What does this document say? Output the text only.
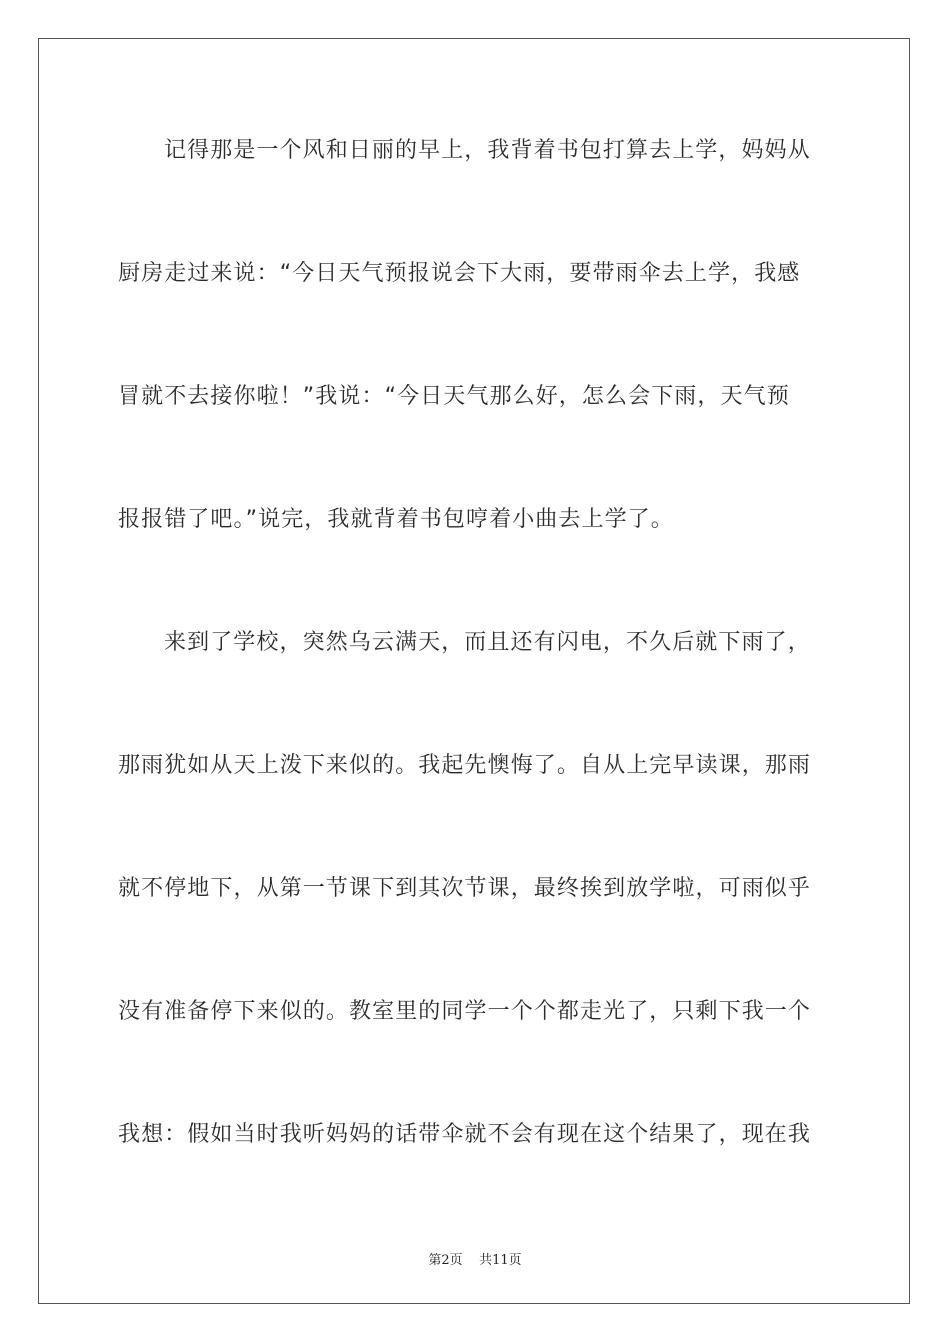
记得那是一个风和日丽的早上，我背着书包打算去上学，妈妈从
厨房走过来说：“今日天气预报说会下大雨，要带雨伞去上学，我感
冒就不去接你啦！”我说：“今日天气那么好，怎么会下雨，天气预
报报错了吧。”说完，我就背着书包哼着小曲去上学了。
来到了学校，突然乌云满天，而且还有闪电，不久后就下雨了，
那雨犹如从天上泼下来似的。我起先懊悔了。自从上完早读课，那雨
就不停地下，从第一节课下到其次节课，最终挨到放学啦，可雨似乎
没有准备停下来似的。教室里的同学一个个都走光了，只剩下我一个
我想：假如当时我听妈妈的话带伞就不会有现在这个结果了，现在我
第2页 共11页
